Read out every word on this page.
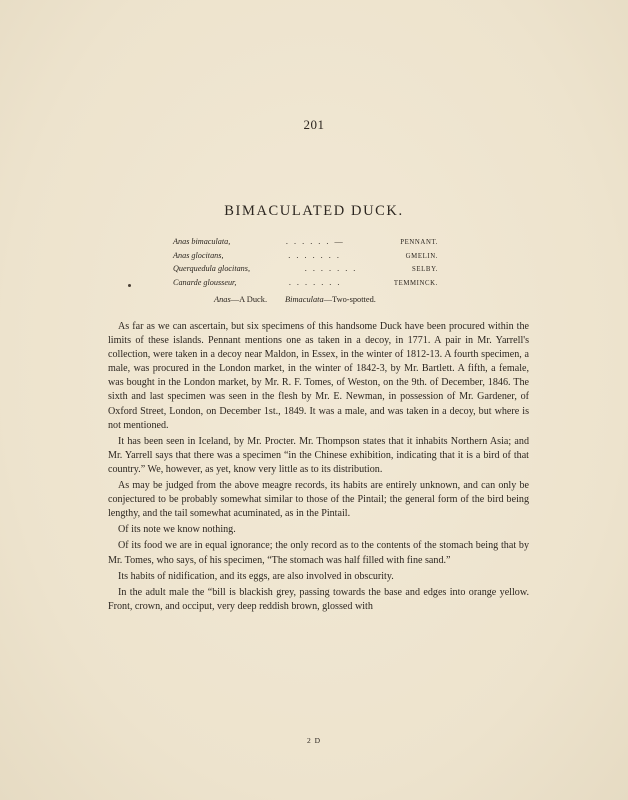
201
BIMACULATED DUCK.
Anas bimaculata,	. . . . . . —	PENNANT.
Anas glocitans,	. . . . . . .	GMELIN.
Querquedula glocitans,	. . . . . . .	SELBY.
Canarde glousseur,	. . . . . . .	TEMMINCK.
Anas—A Duck. Bimaculata—Two-spotted.

As far as we can ascertain, but six specimens of this handsome Duck have been procured within the limits of these islands. Pennant mentions one as taken in a decoy, in 1771. A pair in Mr. Yarrell's collection, were taken in a decoy near Maldon, in Essex, in the winter of 1812-13. A fourth specimen, a male, was procured in the London market, in the winter of 1842-3, by Mr. Bartlett. A fifth, a female, was bought in the London market, by Mr. R. F. Tomes, of Weston, on the 9th. of December, 1846. The sixth and last specimen was seen in the flesh by Mr. E. Newman, in possession of Mr. Gardener, of Oxford Street, London, on December 1st., 1849. It was a male, and was taken in a decoy, but where is not mentioned.

It has been seen in Iceland, by Mr. Procter. Mr. Thompson states that it inhabits Northern Asia; and Mr. Yarrell says that there was a specimen “in the Chinese exhibition, indicating that it is a bird of that country.” We, however, as yet, know very little as to its distribution.

As may be judged from the above meagre records, its habits are entirely unknown, and can only be conjectured to be probably somewhat similar to those of the Pintail; the general form of the bird being lengthy, and the tail somewhat acuminated, as in the Pintail.

Of its note we know nothing.

Of its food we are in equal ignorance; the only record as to the contents of the stomach being that by Mr. Tomes, who says, of his specimen, “The stomach was half filled with fine sand.”

Its habits of nidification, and its eggs, are also involved in obscurity.

In the adult male the “bill is blackish grey, passing towards the base and edges into orange yellow. Front, crown, and occiput, very deep reddish brown, glossed with

2 D
